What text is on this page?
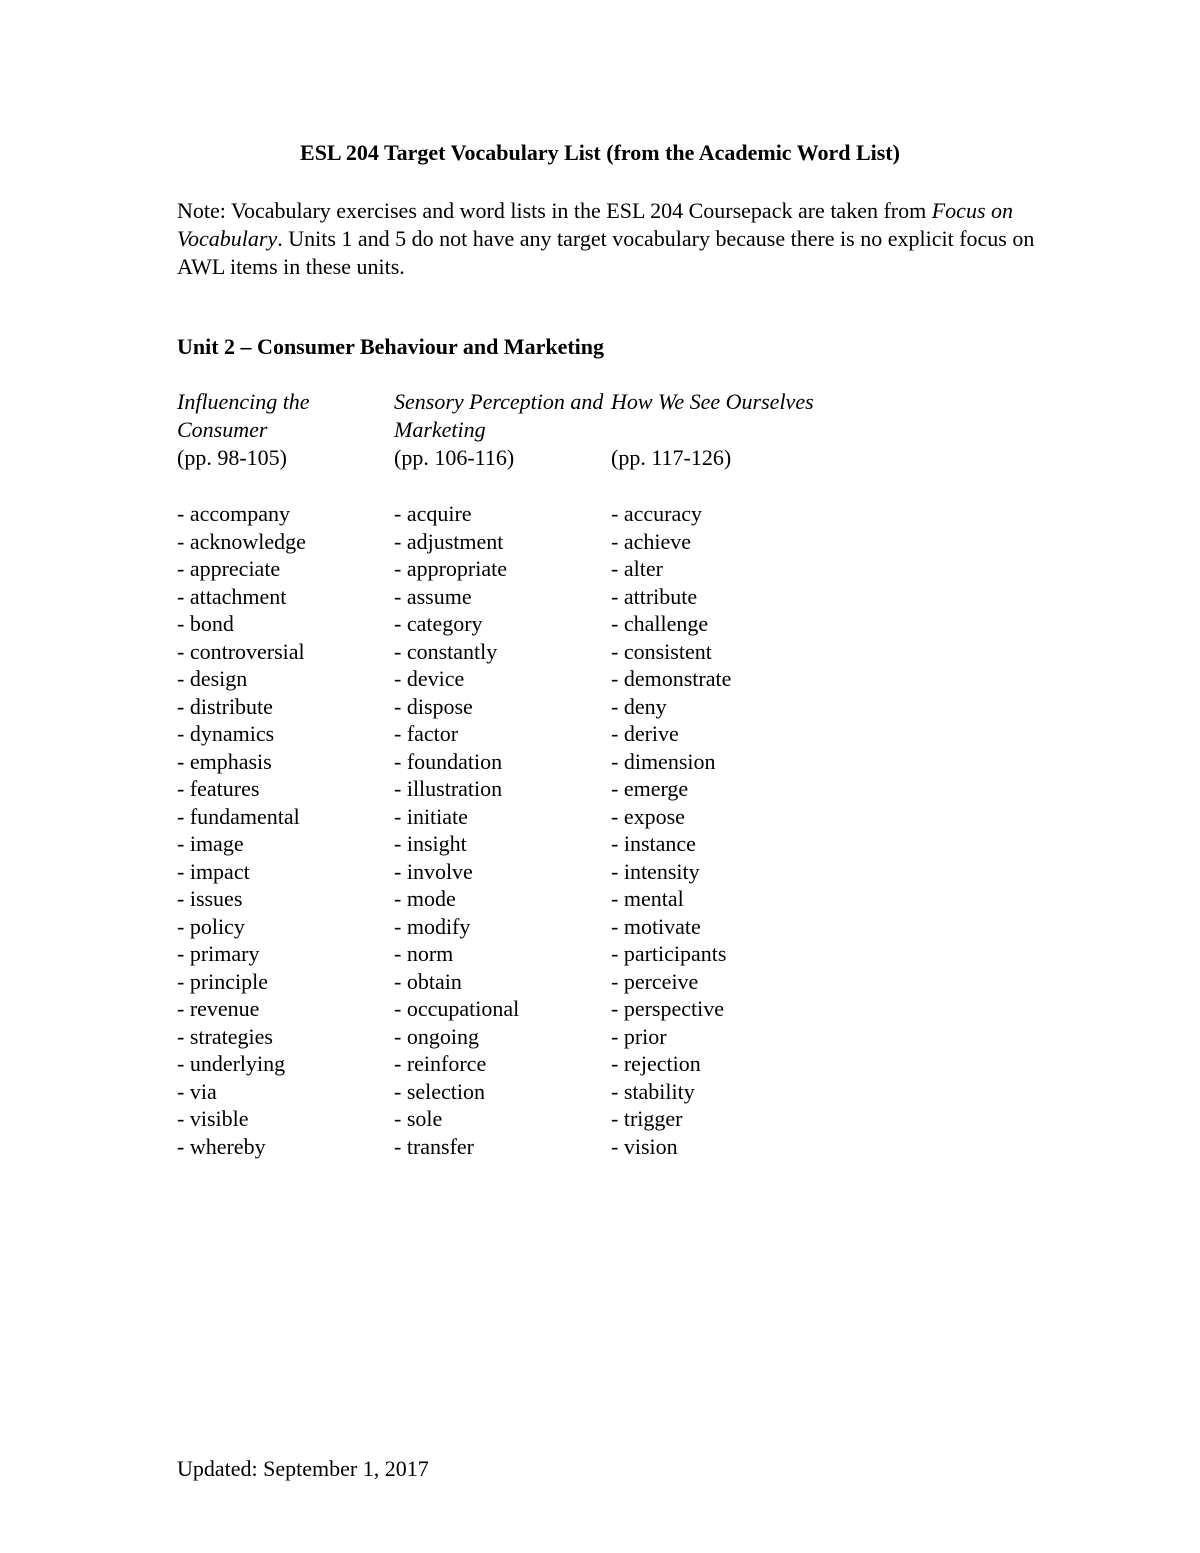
ESL 204 Target Vocabulary List (from the Academic Word List)
Note: Vocabulary exercises and word lists in the ESL 204 Coursepack are taken from Focus on Vocabulary. Units 1 and 5 do not have any target vocabulary because there is no explicit focus on AWL items in these units.
Unit 2 – Consumer Behaviour and Marketing
Influencing the Consumer
(pp. 98-105)
- accompany
- acknowledge
- appreciate
- attachment
- bond
- controversial
- design
- distribute
- dynamics
- emphasis
- features
- fundamental
- image
- impact
- issues
- policy
- primary
- principle
- revenue
- strategies
- underlying
- via
- visible
- whereby
Sensory Perception and Marketing
(pp. 106-116)
- acquire
- adjustment
- appropriate
- assume
- category
- constantly
- device
- dispose
- factor
- foundation
- illustration
- initiate
- insight
- involve
- mode
- modify
- norm
- obtain
- occupational
- ongoing
- reinforce
- selection
- sole
- transfer
How We See Ourselves
(pp. 117-126)
- accuracy
- achieve
- alter
- attribute
- challenge
- consistent
- demonstrate
- deny
- derive
- dimension
- emerge
- expose
- instance
- intensity
- mental
- motivate
- participants
- perceive
- perspective
- prior
- rejection
- stability
- trigger
- vision
Updated: September 1, 2017
